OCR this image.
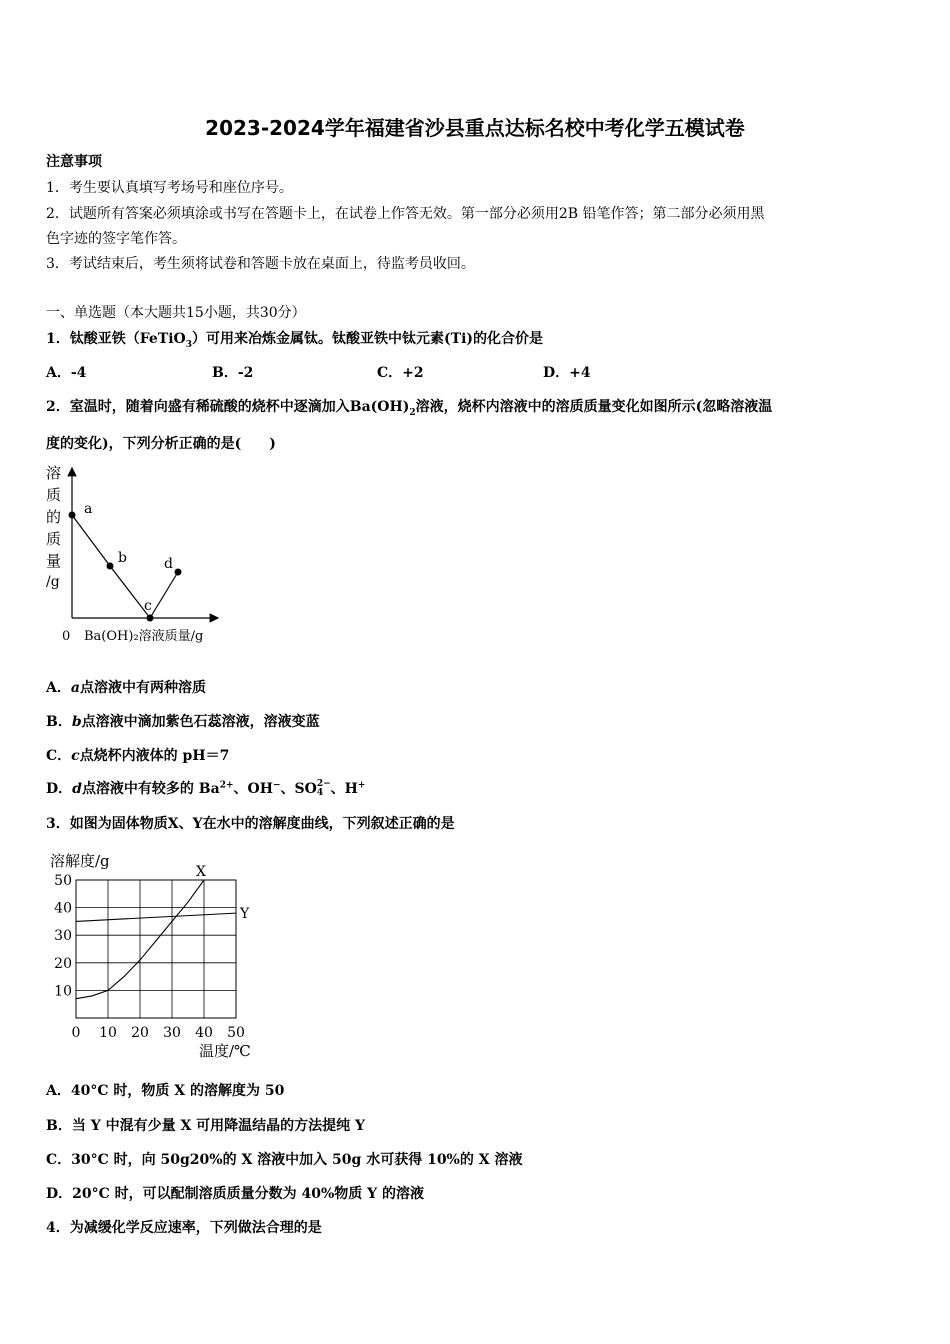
2023-2024学年福建省沙县重点达标名校中考化学五模试卷
注意事项
1．考生要认真填写考场号和座位序号。
2．试题所有答案必须填涂或书写在答题卡上，在试卷上作答无效。第一部分必须用2B 铅笔作答；第二部分必须用黑
色字迹的签字笔作答。
3．考试结束后，考生须将试卷和答题卡放在桌面上，待监考员收回。
一、单选题（本大题共15小题，共30分）
1．钛酸亚铁（FeTiO$_3$）可用来冶炼金属钛。钛酸亚铁中钛元素(Ti)的化合价是
A．-4	B．-2	C．+2	D．+4
2．室温时，随着向盛有稀硫酸的烧杯中逐滴加入$Ba(OH)_2$溶液，烧杯内溶液中的溶质质量变化如图所示(忽略溶液温
度的变化)，下列分析正确的是(　　)
a
b
c
d
溶
质
的
质
量
/g
0 Ba(OH)₂溶液质量/g
A．a点溶液中有两种溶质
B．b点溶液中滴加紫色石蕊溶液，溶液变蓝
C．c点烧杯内液体的 pH＝7
D．d点溶液中有较多的 $Ba^{2+}$、OH−、SO 2−
4 、H+
3．如图为固体物质X、Y在水中的溶解度曲线，下列叙述正确的是
0 10 20 30 40 50
10
20
30
40
50
X
Y
溶解度/g
温度/℃
A．40°C 时，物质 X 的溶解度为 50
B．当 Y 中混有少量 X 可用降温结晶的方法提纯 Y
C．30°C 时，向 50g20%的 X 溶液中加入 50g 水可获得 10%的 X 溶液
D．20°C 时，可以配制溶质质量分数为 40%物质 Y 的溶液
4．为减缓化学反应速率，下列做法合理的是
